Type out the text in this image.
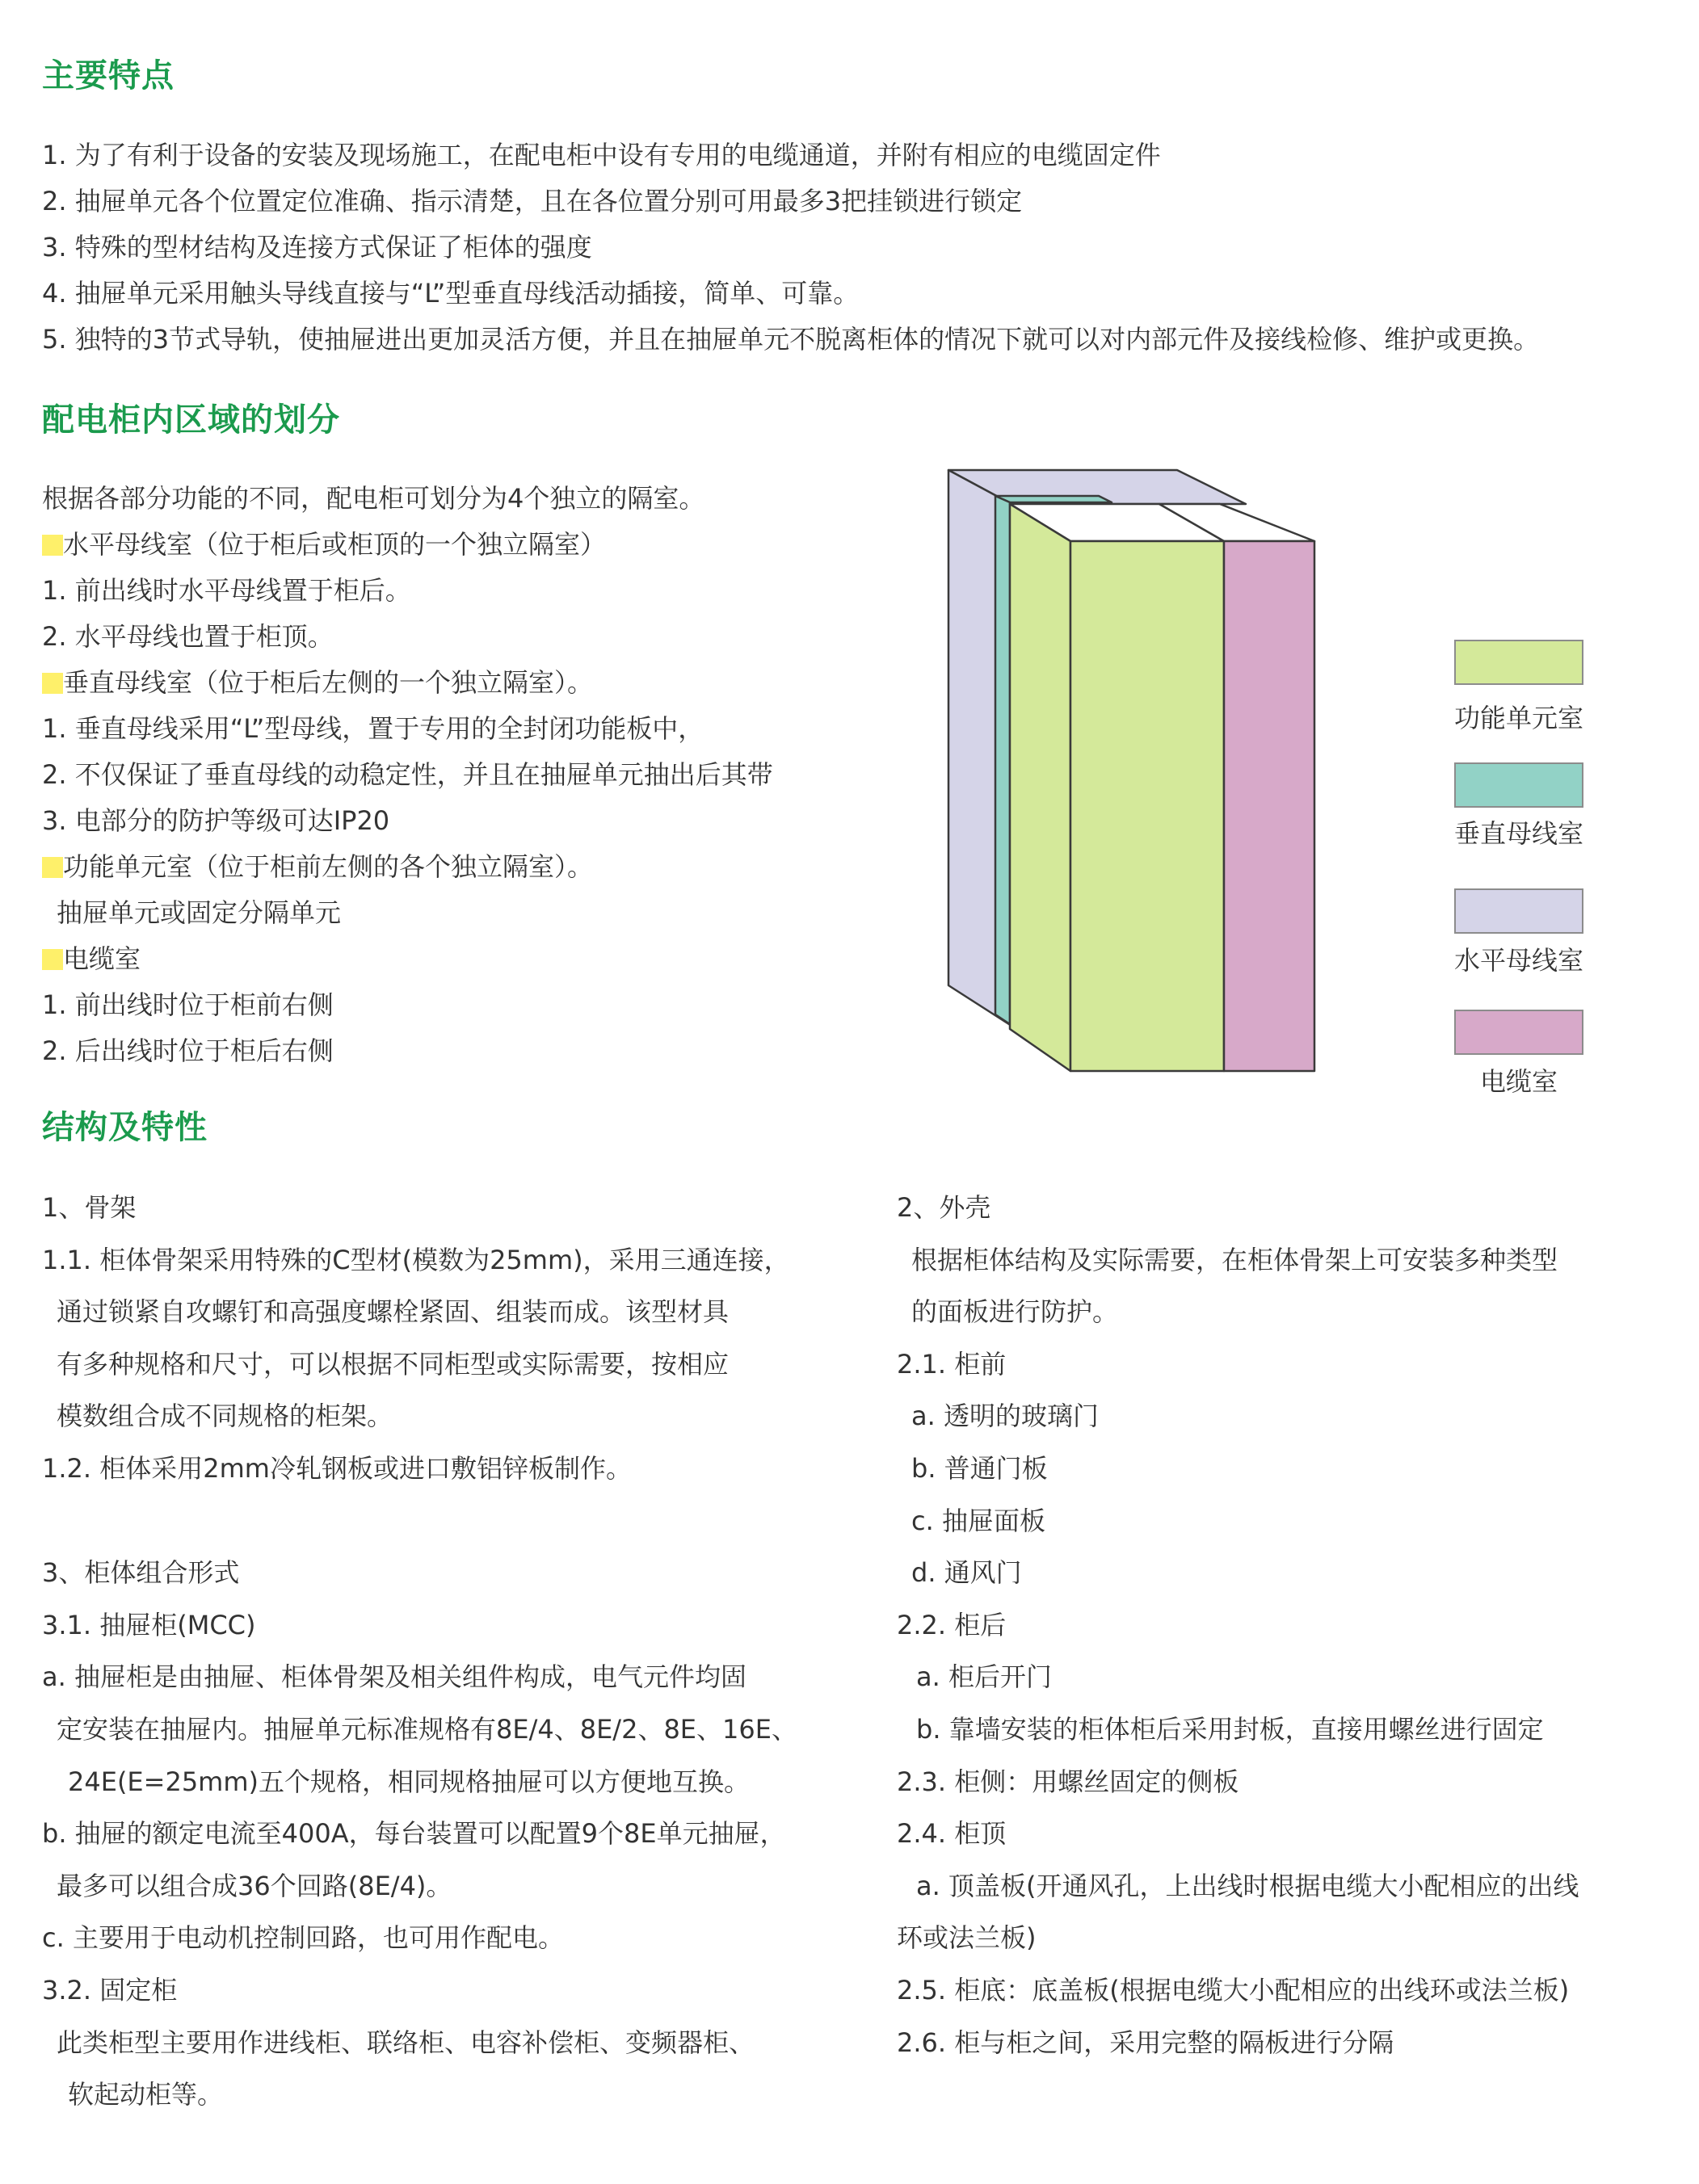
主要特点
1. 为了有利于设备的安装及现场施工，在配电柜中设有专用的电缆通道，并附有相应的电缆固定件
2. 抽屉单元各个位置定位准确、指示清楚，且在各位置分别可用最多3把挂锁进行锁定
3. 特殊的型材结构及连接方式保证了柜体的强度
4. 抽屉单元采用触头导线直接与“L”型垂直母线活动插接，简单、可靠。
5. 独特的3节式导轨，使抽屉进出更加灵活方便，并且在抽屉单元不脱离柜体的情况下就可以对内部元件及接线检修、维护或更换。
配电柜内区域的划分
根据各部分功能的不同，配电柜可划分为4个独立的隔室。
水平母线室（位于柜后或柜顶的一个独立隔室）
1. 前出线时水平母线置于柜后。
2. 水平母线也置于柜顶。
垂直母线室（位于柜后左侧的一个独立隔室）。
1. 垂直母线采用“L”型母线，置于专用的全封闭功能板中，
2. 不仅保证了垂直母线的动稳定性，并且在抽屉单元抽出后其带
3. 电部分的防护等级可达IP20
功能单元室（位于柜前左侧的各个独立隔室）。
抽屉单元或固定分隔单元
电缆室
1. 前出线时位于柜前右侧
2. 后出线时位于柜后右侧
功能单元室
垂直母线室
水平母线室
电缆室
结构及特性
1、骨架
1.1. 柜体骨架采用特殊的C型材(模数为25mm)，采用三通连接，
通过锁紧自攻螺钉和高强度螺栓紧固、组装而成。该型材具
有多种规格和尺寸，可以根据不同柜型或实际需要，按相应
模数组合成不同规格的柜架。
1.2. 柜体采用2mm冷轧钢板或进口敷铝锌板制作。
3、柜体组合形式
3.1. 抽屉柜(MCC)
a. 抽屉柜是由抽屉、柜体骨架及相关组件构成，电气元件均固
定安装在抽屉内。抽屉单元标准规格有8E/4、8E/2、8E、16E、
24E(E=25mm)五个规格，相同规格抽屉可以方便地互换。
b. 抽屉的额定电流至400A，每台装置可以配置9个8E单元抽屉，
最多可以组合成36个回路(8E/4)。
c. 主要用于电动机控制回路，也可用作配电。
3.2. 固定柜
此类柜型主要用作进线柜、联络柜、电容补偿柜、变频器柜、
软起动柜等。
2、外壳
根据柜体结构及实际需要，在柜体骨架上可安装多种类型
的面板进行防护。
2.1. 柜前
a. 透明的玻璃门
b. 普通门板
c. 抽屉面板
d. 通风门
2.2. 柜后
a. 柜后开门
b. 靠墙安装的柜体柜后采用封板，直接用螺丝进行固定
2.3. 柜侧：用螺丝固定的侧板
2.4. 柜顶
a. 顶盖板(开通风孔，上出线时根据电缆大小配相应的出线
环或法兰板)
2.5. 柜底：底盖板(根据电缆大小配相应的出线环或法兰板)
2.6. 柜与柜之间，采用完整的隔板进行分隔
